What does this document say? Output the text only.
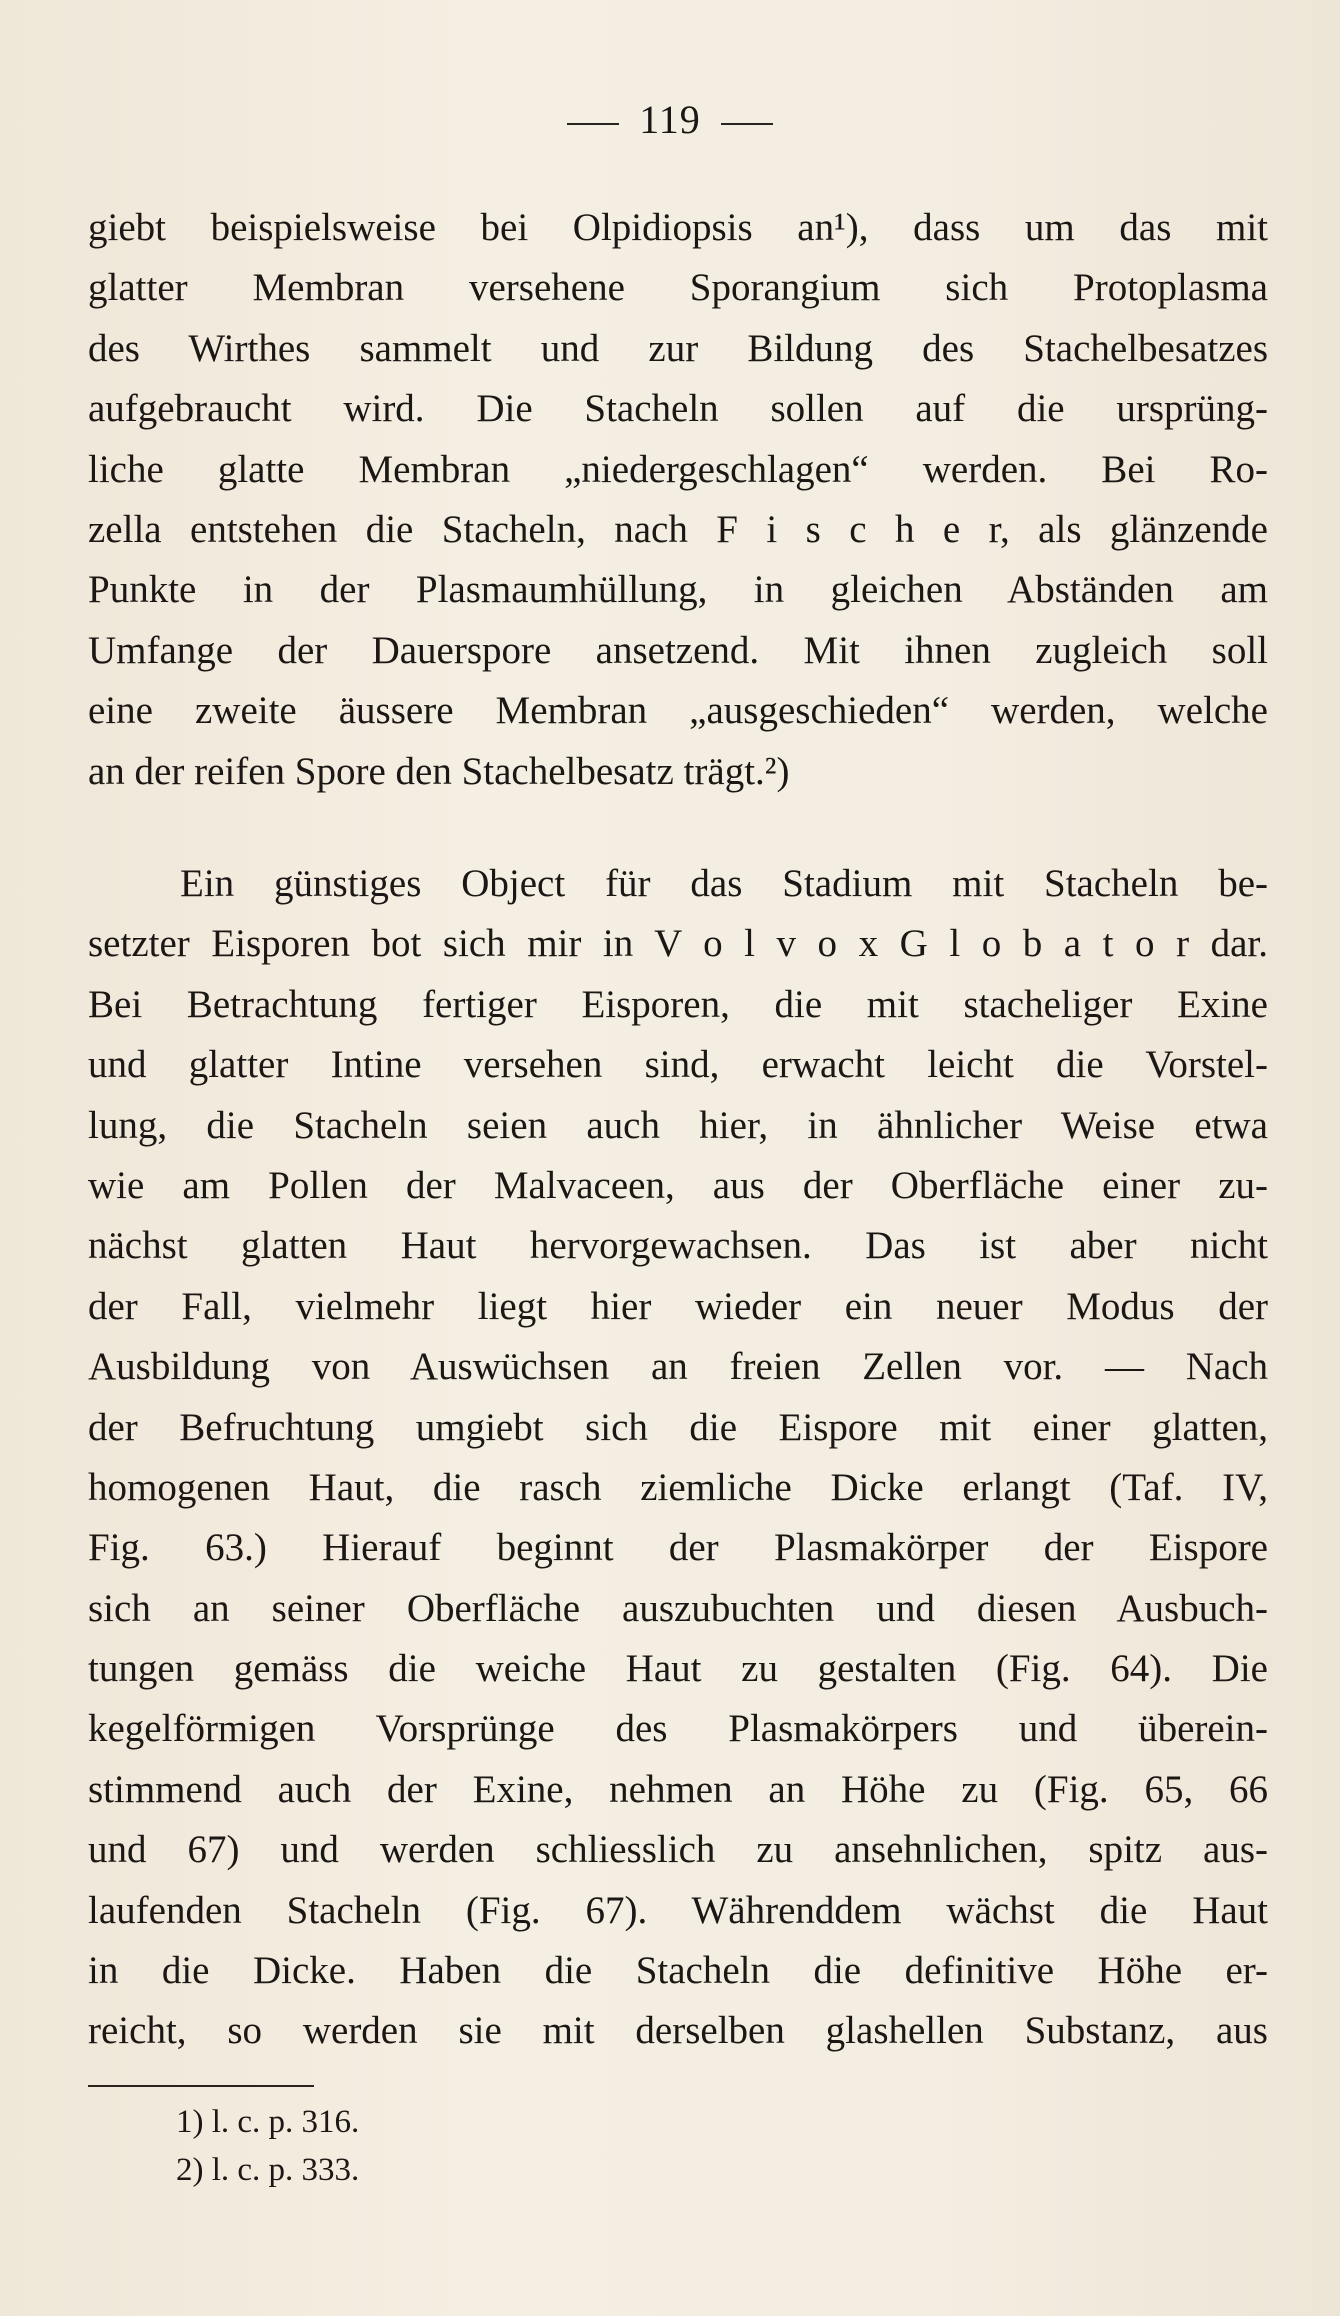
119
giebt beispielsweise bei Olpidiopsis an¹), dass um das mit
glatter Membran versehene Sporangium sich Protoplasma
des Wirthes sammelt und zur Bildung des Stachelbesatzes
aufgebraucht wird. Die Stacheln sollen auf die ursprüng-
liche glatte Membran „niedergeschlagen“ werden. Bei Ro-
zella entstehen die Stacheln, nach F i s c h e r, als glänzende
Punkte in der Plasmaumhüllung, in gleichen Abständen am
Umfange der Dauerspore ansetzend. Mit ihnen zugleich soll
eine zweite äussere Membran „ausgeschieden“ werden, welche
an der reifen Spore den Stachelbesatz trägt.²)
Ein günstiges Object für das Stadium mit Stacheln be-
setzter Eisporen bot sich mir in V o l v o x G l o b a t o r dar.
Bei Betrachtung fertiger Eisporen, die mit stacheliger Exine
und glatter Intine versehen sind, erwacht leicht die Vorstel-
lung, die Stacheln seien auch hier, in ähnlicher Weise etwa
wie am Pollen der Malvaceen, aus der Oberfläche einer zu-
nächst glatten Haut hervorgewachsen. Das ist aber nicht
der Fall, vielmehr liegt hier wieder ein neuer Modus der
Ausbildung von Auswüchsen an freien Zellen vor. — Nach
der Befruchtung umgiebt sich die Eispore mit einer glatten,
homogenen Haut, die rasch ziemliche Dicke erlangt (Taf. IV,
Fig. 63.) Hierauf beginnt der Plasmakörper der Eispore
sich an seiner Oberfläche auszubuchten und diesen Ausbuch-
tungen gemäss die weiche Haut zu gestalten (Fig. 64). Die
kegelförmigen Vorsprünge des Plasmakörpers und überein-
stimmend auch der Exine, nehmen an Höhe zu (Fig. 65, 66
und 67) und werden schliesslich zu ansehnlichen, spitz aus-
laufenden Stacheln (Fig. 67). Währenddem wächst die Haut
in die Dicke. Haben die Stacheln die definitive Höhe er-
reicht, so werden sie mit derselben glashellen Substanz, aus
1) l. c. p. 316.
2) l. c. p. 333.
